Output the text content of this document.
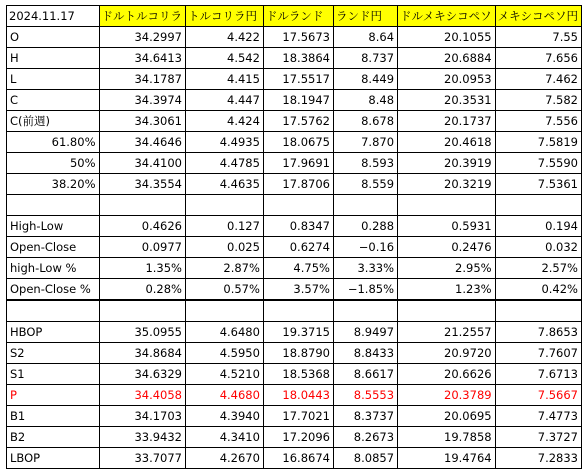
2024.11.17	ドルトルコリラ	トルコリラ円	ドルランド	ランド円	ドルメキシコペソ	メキシコペソ円
O	34.2997	4.422	17.5673	8.64	20.1055	7.55
H	34.6413	4.542	18.3864	8.737	20.6884	7.656
L	34.1787	4.415	17.5517	8.449	20.0953	7.462
C	34.3974	4.447	18.1947	8.48	20.3531	7.582
C(前週)	34.3061	4.424	17.5762	8.678	20.1737	7.556
61.80%	34.4646	4.4935	18.0675	7.870	20.4618	7.5819
50%	34.4100	4.4785	17.9691	8.593	20.3919	7.5590
38.20%	34.3554	4.4635	17.8706	8.559	20.3219	7.5361

High-Low	0.4626	0.127	0.8347	0.288	0.5931	0.194
Open-Close	0.0977	0.025	0.6274	−0.16	0.2476	0.032
high-Low %	1.35%	2.87%	4.75%	3.33%	2.95%	2.57%
Open-Close %	0.28%	0.57%	3.57%	−1.85%	1.23%	0.42%

HBOP	35.0955	4.6480	19.3715	8.9497	21.2557	7.8653
S2	34.8684	4.5950	18.8790	8.8433	20.9720	7.7607
S1	34.6329	4.5210	18.5368	8.6617	20.6626	7.6713
P	34.4058	4.4680	18.0443	8.5553	20.3789	7.5667
B1	34.1703	4.3940	17.7021	8.3737	20.0695	7.4773
B2	33.9432	4.3410	17.2096	8.2673	19.7858	7.3727
LBOP	33.7077	4.2670	16.8674	8.0857	19.4764	7.2833
